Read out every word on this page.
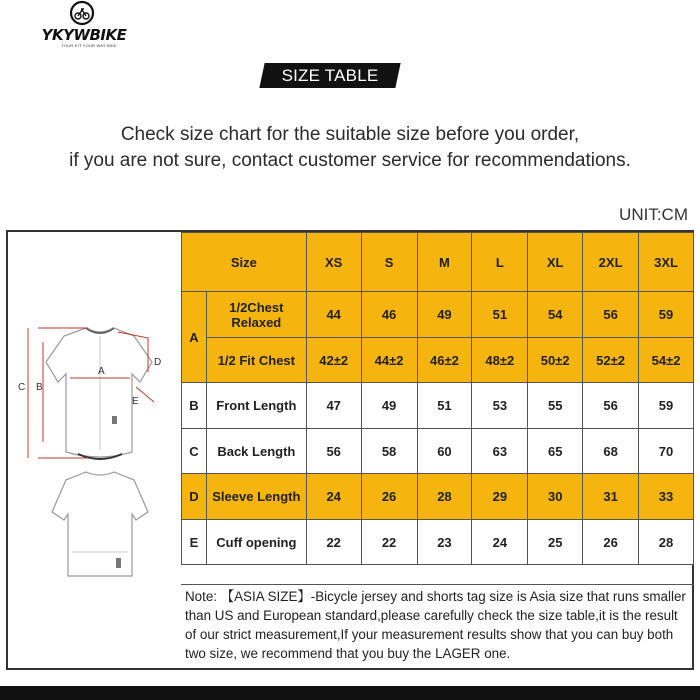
YKYWBIKE
YOUR KIT YOUR WAY BIKE
SIZE TABLE
Check size chart for the suitable size before you order,
if you are not sure, contact customer service for recommendations.
UNIT:CM
C B
A
D
E
Size		XS	S	M	L	XL	2XL	3XL
A	1/2Chest Relaxed	44	46	49	51	54	56	59
	1/2 Fit Chest	42±2	44±2	46±2	48±2	50±2	52±2	54±2
B	Front Length	47	49	51	53	55	56	59
C	Back Length	56	58	60	63	65	68	70
D	Sleeve Length	24	26	28	29	30	31	33
E	Cuff opening	22	22	23	24	25	26	28
Note: 【ASIA SIZE】-Bicycle jersey and shorts tag size is Asia size that runs smaller than US and European standard,please carefully check the size table,it is the result of our strict measurement,If your measurement results show that you can buy both two size, we recommend that you buy the LAGER one.
